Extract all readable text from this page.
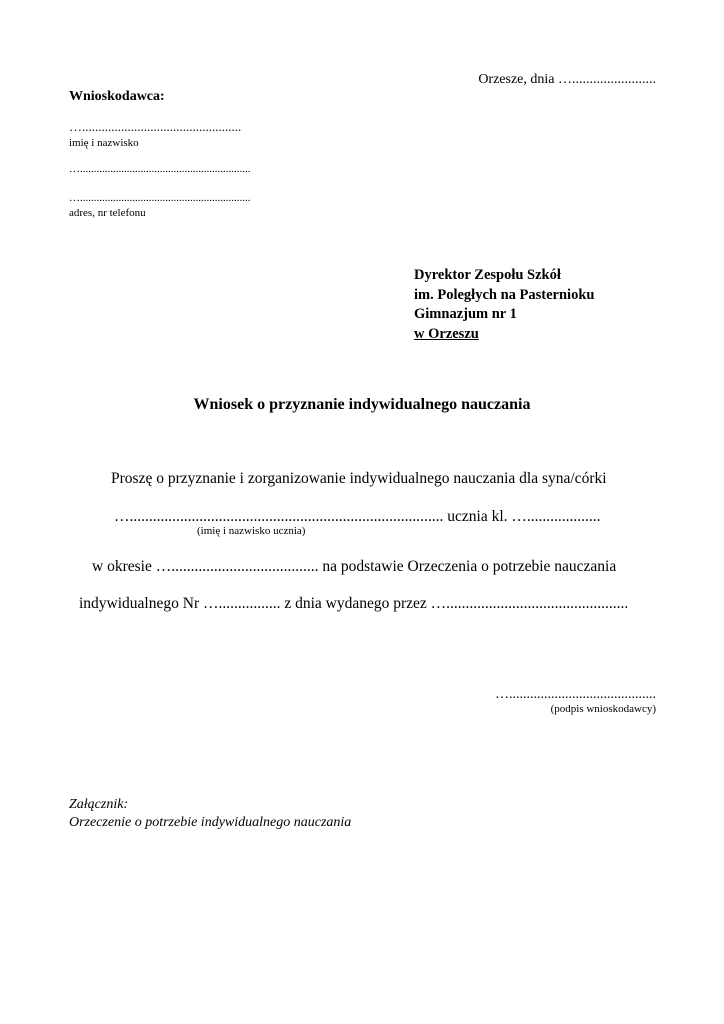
Orzesze, dnia …........................
Wnioskodawca:
….................................................
imię i nazwisko
…..............................................................
…..............................................................
adres, nr telefonu
Dyrektor Zespołu Szkół
im. Poległych na Pasternioku
Gimnazjum nr 1
w Orzeszu
Wniosek o przyznanie indywidualnego nauczania
Proszę o przyznanie i zorganizowanie indywidualnego nauczania dla syna/córki
…................................................................................. ucznia kl. …...................
(imię i nazwisko ucznia)
w okresie …...................................... na podstawie Orzeczenia o potrzebie nauczania
indywidualnego Nr …................ z dnia wydanego przez …...............................................
…..........................................
(podpis wnioskodawcy)
Załącznik:
Orzeczenie o potrzebie indywidualnego nauczania
